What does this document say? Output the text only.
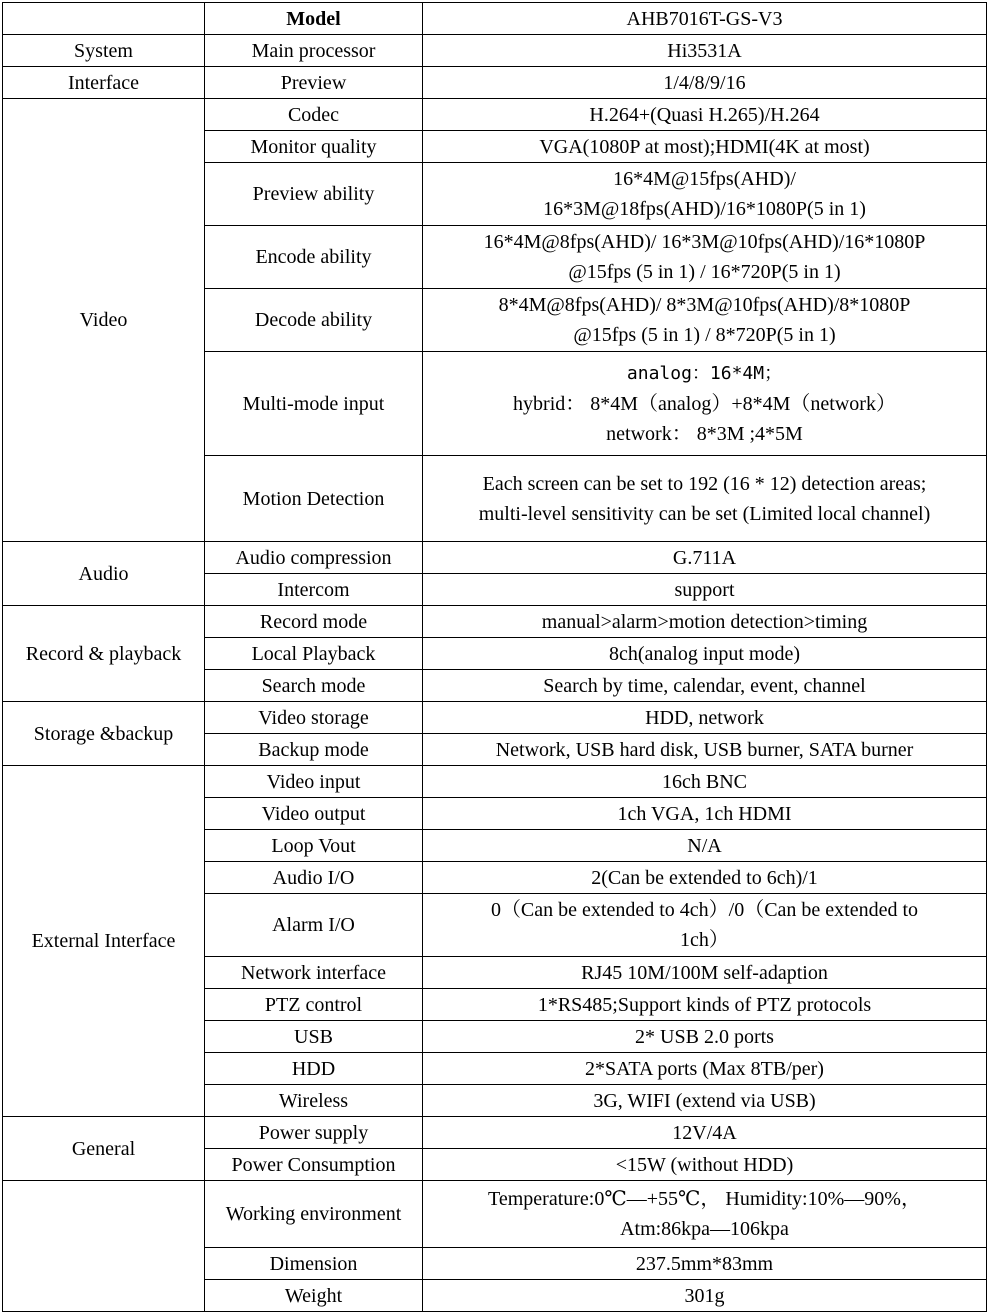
	Model	AHB7016T-GS-V3
System	Main processor	Hi3531A
Interface	Preview	1/4/8/9/16
Video	Codec	H.264+(Quasi H.265)/H.264
	Monitor quality	VGA(1080P at most);HDMI(4K at most)
	Preview ability	16*4M@15fps(AHD)/
16*3M@18fps(AHD)/16*1080P(5 in 1)

	Encode ability	16*4M@8fps(AHD)/ 16*3M@10fps(AHD)/16*1080P
@15fps (5 in 1) / 16*720P(5 in 1)

	Decode ability	8*4M@8fps(AHD)/ 8*3M@10fps(AHD)/8*1080P
@15fps (5 in 1) / 8*720P(5 in 1)

	Multi-mode input	analog：16*4M；
hybrid： 8*4M（analog）+8*4M（network）
network： 8*3M ;4*5M

	Motion Detection	Each screen can be set to 192 (16 * 12) detection areas;
multi-level sensitivity can be set (Limited local channel)

Audio	Audio compression	G.711A
	Intercom	support
Record & playback	Record mode	manual>alarm>motion detection>timing
	Local Playback	8ch(analog input mode)
	Search mode	Search by time, calendar, event, channel
Storage &backup	Video storage	HDD, network
	Backup mode	Network, USB hard disk, USB burner, SATA burner
External Interface	Video input	16ch BNC
	Video output	1ch VGA, 1ch HDMI
	Loop Vout	N/A
	Audio I/O	2(Can be extended to 6ch)/1
	Alarm I/O	0（Can be extended to 4ch）/0（Can be extended to
1ch）

	Network interface	RJ45 10M/100M self-adaption
	PTZ control	1*RS485;Support kinds of PTZ protocols
	USB	2* USB 2.0 ports
	HDD	2*SATA ports (Max 8TB/per)
	Wireless	3G, WIFI (extend via USB)
General	Power supply	12V/4A
	Power Consumption	<15W (without HDD)
	Working environment	Temperature:0℃—+55℃， Humidity:10%—90%，
Atm:86kpa—106kpa

	Dimension	237.5mm*83mm
	Weight	301g
